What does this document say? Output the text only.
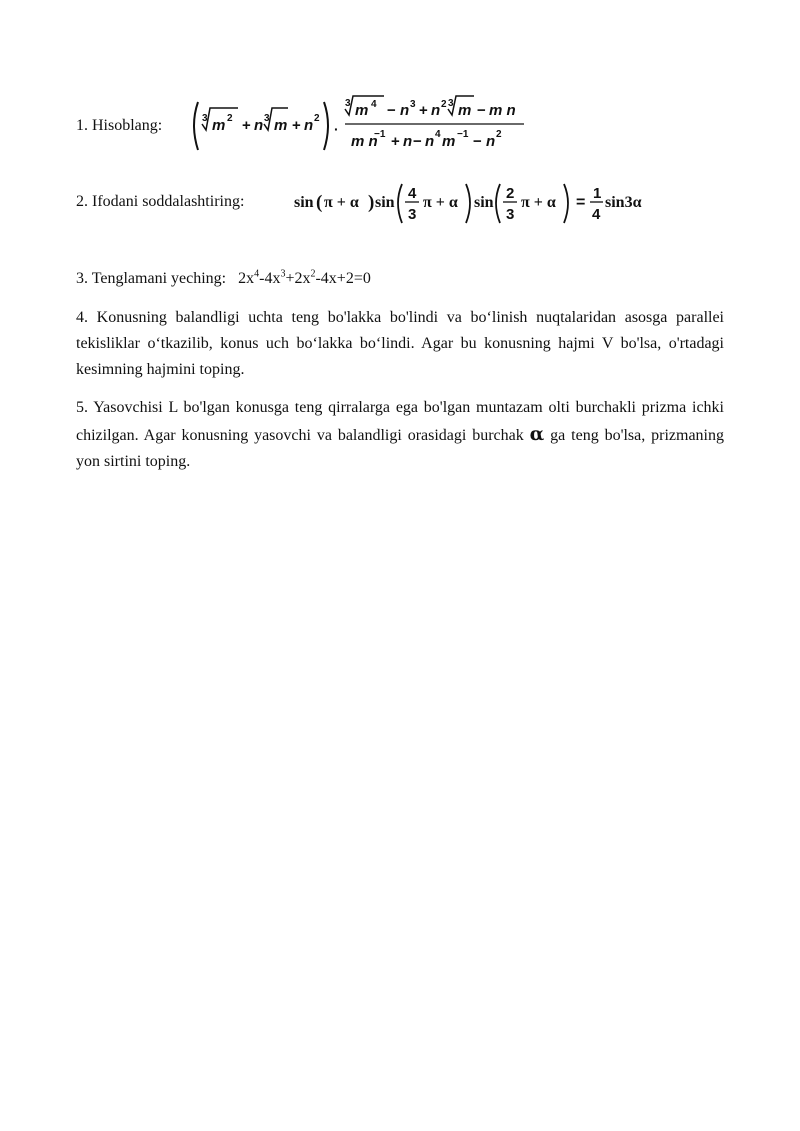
1. Hisoblang:	3 m 2 + n 3 m + n 2
·
3 m 4 − n 3 + n 2 3 m − m n
m n
−1 + n − n 4 m −1 − n 2
2. Ifodani soddalashtiring:	sin ( π + α ) sin
4
3
π + α sin
2
3
π + α =
1
4
sin3α
3. Tenglamani yeching: $2x^4-4x^3+2x^2-4x+2=0$
4. Konusning balandligi uchta teng bo'lakka bo'lindi va bo‘linish nuqtalaridan asosga parallei tekisliklar o‘tkazilib, konus uch bo‘lakka bo‘lindi. Agar bu konusning hajmi V bo'lsa, o'rtadagi kesimning hajmini toping.
5. Yasovchisi L bo'lgan konusga teng qirralarga ega bo'lgan muntazam olti burchakli prizma ichki chizilgan. Agar konusning yasovchi va balandligi orasidagi burchak α ga teng bo'lsa, prizmaning yon sirtini toping.
